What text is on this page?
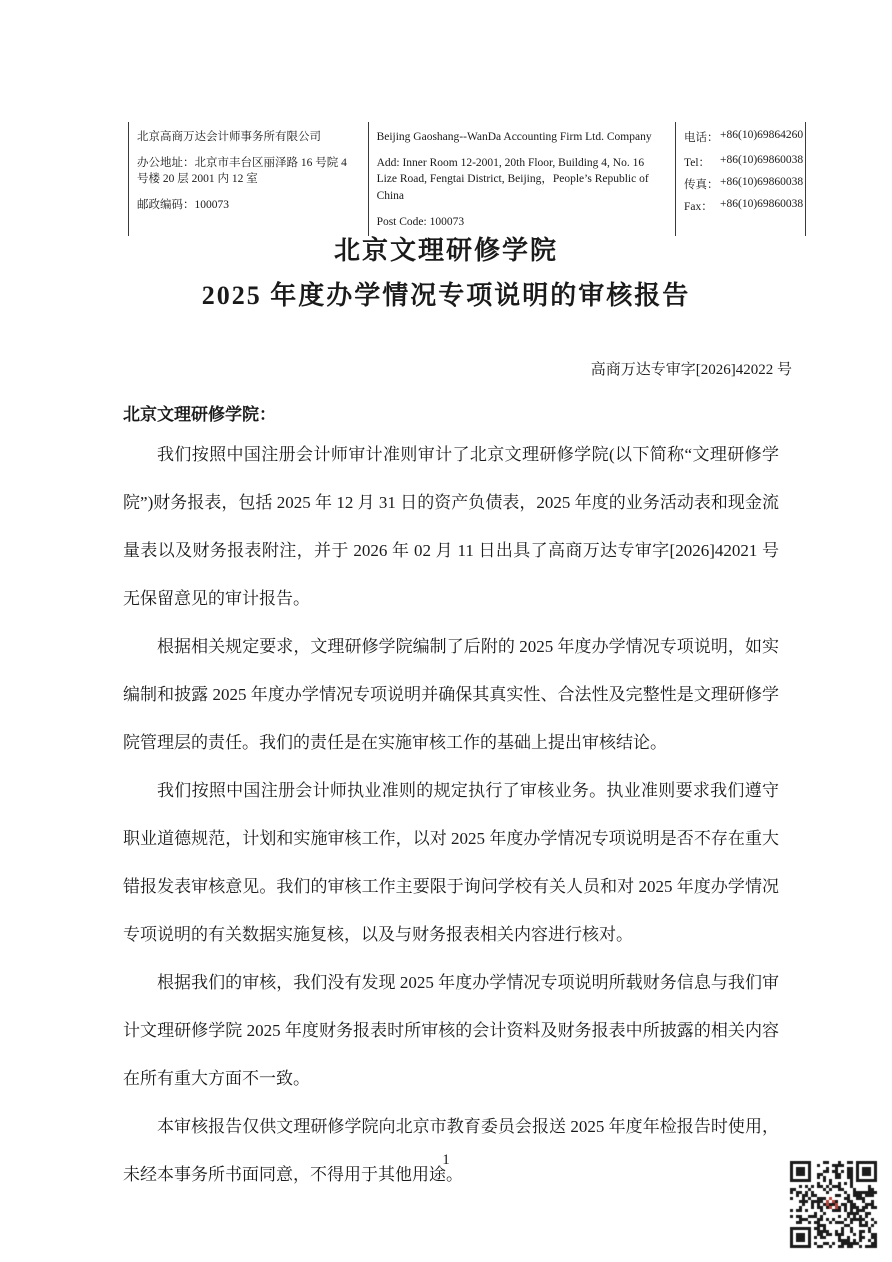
北京高商万达会计师事务所有限公司
办公地址：北京市丰台区丽泽路 16 号院 4 号楼 20 层 2001 内 12 室
邮政编码：100073
Beijing Gaoshang--WanDa Accounting Firm Ltd. Company
Add: Inner Room 12-2001, 20th Floor, Building 4, No. 16 Lize Road, Fengtai District, Beijing，People’s Republic of China
Post Code: 100073
电话： +86(10)69864260
Tel： +86(10)69860038
传真： +86(10)69860038
Fax： +86(10)69860038
北京文理研修学院
2025 年度办学情况专项说明的审核报告
高商万达专审字[2026]42022 号
北京文理研修学院：

我们按照中国注册会计师审计准则审计了北京文理研修学院(以下简称“文理研修学院”)财务报表，包括 2025 年 12 月 31 日的资产负债表，2025 年度的业务活动表和现金流量表以及财务报表附注，并于 2026 年 02 月 11 日出具了高商万达专审字[2026]42021 号无保留意见的审计报告。

根据相关规定要求，文理研修学院编制了后附的 2025 年度办学情况专项说明，如实编制和披露 2025 年度办学情况专项说明并确保其真实性、合法性及完整性是文理研修学院管理层的责任。我们的责任是在实施审核工作的基础上提出审核结论。

我们按照中国注册会计师执业准则的规定执行了审核业务。执业准则要求我们遵守职业道德规范，计划和实施审核工作，以对 2025 年度办学情况专项说明是否不存在重大错报发表审核意见。我们的审核工作主要限于询问学校有关人员和对 2025 年度办学情况专项说明的有关数据实施复核，以及与财务报表相关内容进行核对。

根据我们的审核，我们没有发现 2025 年度办学情况专项说明所载财务信息与我们审计文理研修学院 2025 年度财务报表时所审核的会计资料及财务报表中所披露的相关内容在所有重大方面不一致。

本审核报告仅供文理研修学院向北京市教育委员会报送 2025 年度年检报告时使用，未经本事务所书面同意，不得用于其他用途。

1
